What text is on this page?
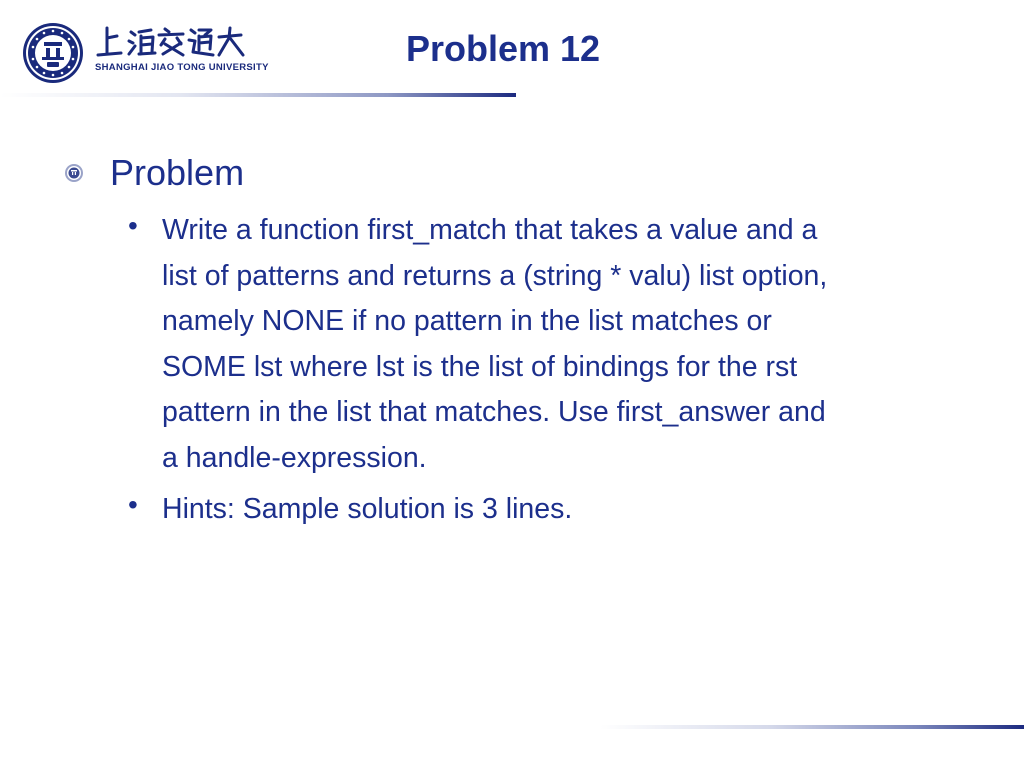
SHANGHAI JIAO TONG UNIVERSITY	Problem 12
Problem
• Write a function first_match that takes a value and a
list of patterns and returns a (string * valu) list option,
namely NONE if no pattern in the list matches or
SOME lst where lst is the list of bindings for the rst
pattern in the list that matches. Use first_answer and
a handle-expression.
• Hints: Sample solution is 3 lines.
